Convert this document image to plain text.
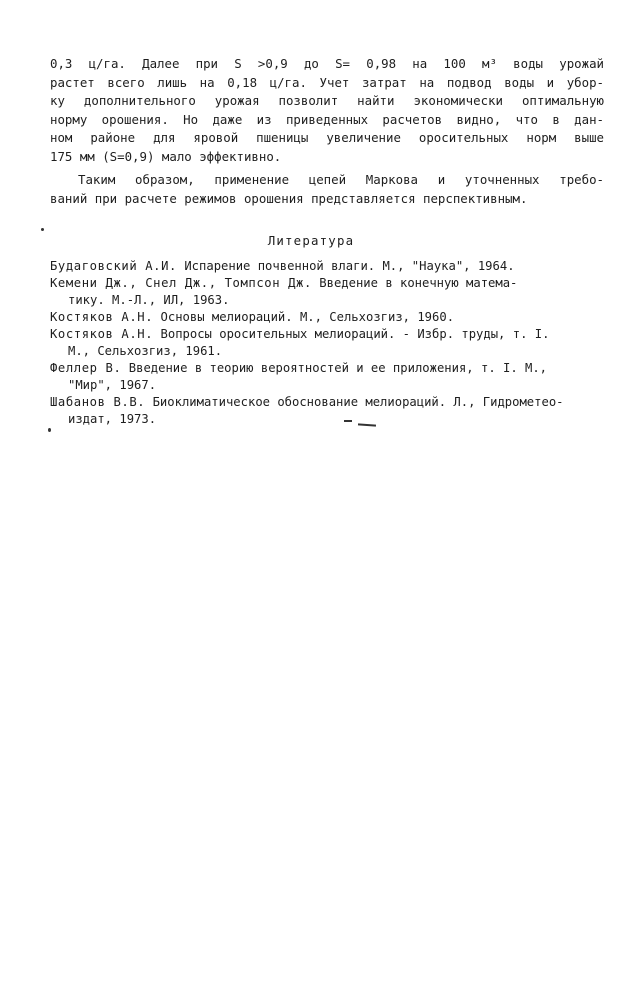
0,3 ц/га. Далее при S >0,9 до S= 0,98 на 100 м³ воды урожай
растет всего лишь на 0,18 ц/га. Учет затрат на подвод воды и убор-
ку дополнительного урожая позволит найти экономически оптимальную
норму орошения. Но даже из приведенных расчетов видно, что в дан-
ном районе для яровой пшеницы увеличение оросительных норм выше
175 мм (S=0,9) мало эффективно.
Таким образом, применение цепей Маркова и уточненных требо-
ваний при расчете режимов орошения представляется перспективным.
Литература

Будаговский А.И. Испарение почвенной влаги. М., "Наука", 1964.

Кемени Дж., Снел Дж., Томпсон Дж. Введение в конечную матема-
тику. М.-Л., ИЛ, 1963.

Костяков А.Н. Основы мелиораций. М., Сельхозгиз, 1960.

Костяков А.Н. Вопросы оросительных мелиораций. - Избр. труды, т. I.
М., Сельхозгиз, 1961.

Феллер В. Введение в теорию вероятностей и ее приложения, т. I. М.,
"Мир", 1967.

Шабанов В.В. Биоклиматическое обоснование мелиораций. Л., Гидрометео-
издат, 1973.
